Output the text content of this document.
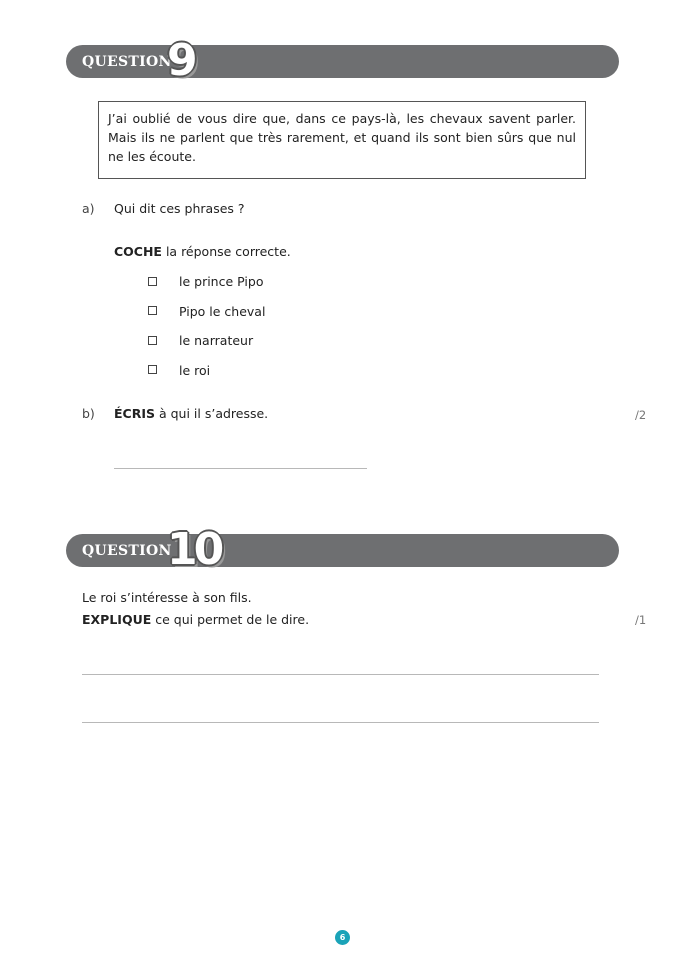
QUESTION
9
J’ai oublié de vous dire que, dans ce pays-là, les chevaux savent parler. Mais ils ne parlent que très rarement, et quand ils sont bien sûrs que nul ne les écoute.
a) Qui dit ces phrases ?
COCHE la réponse correcte.
le prince Pipo
Pipo le cheval
le narrateur
le roi
b) ÉCRIS à qui il s’adresse.	/2
QUESTION
10
Le roi s’intéresse à son fils.
EXPLIQUE ce qui permet de le dire.	/1
6
